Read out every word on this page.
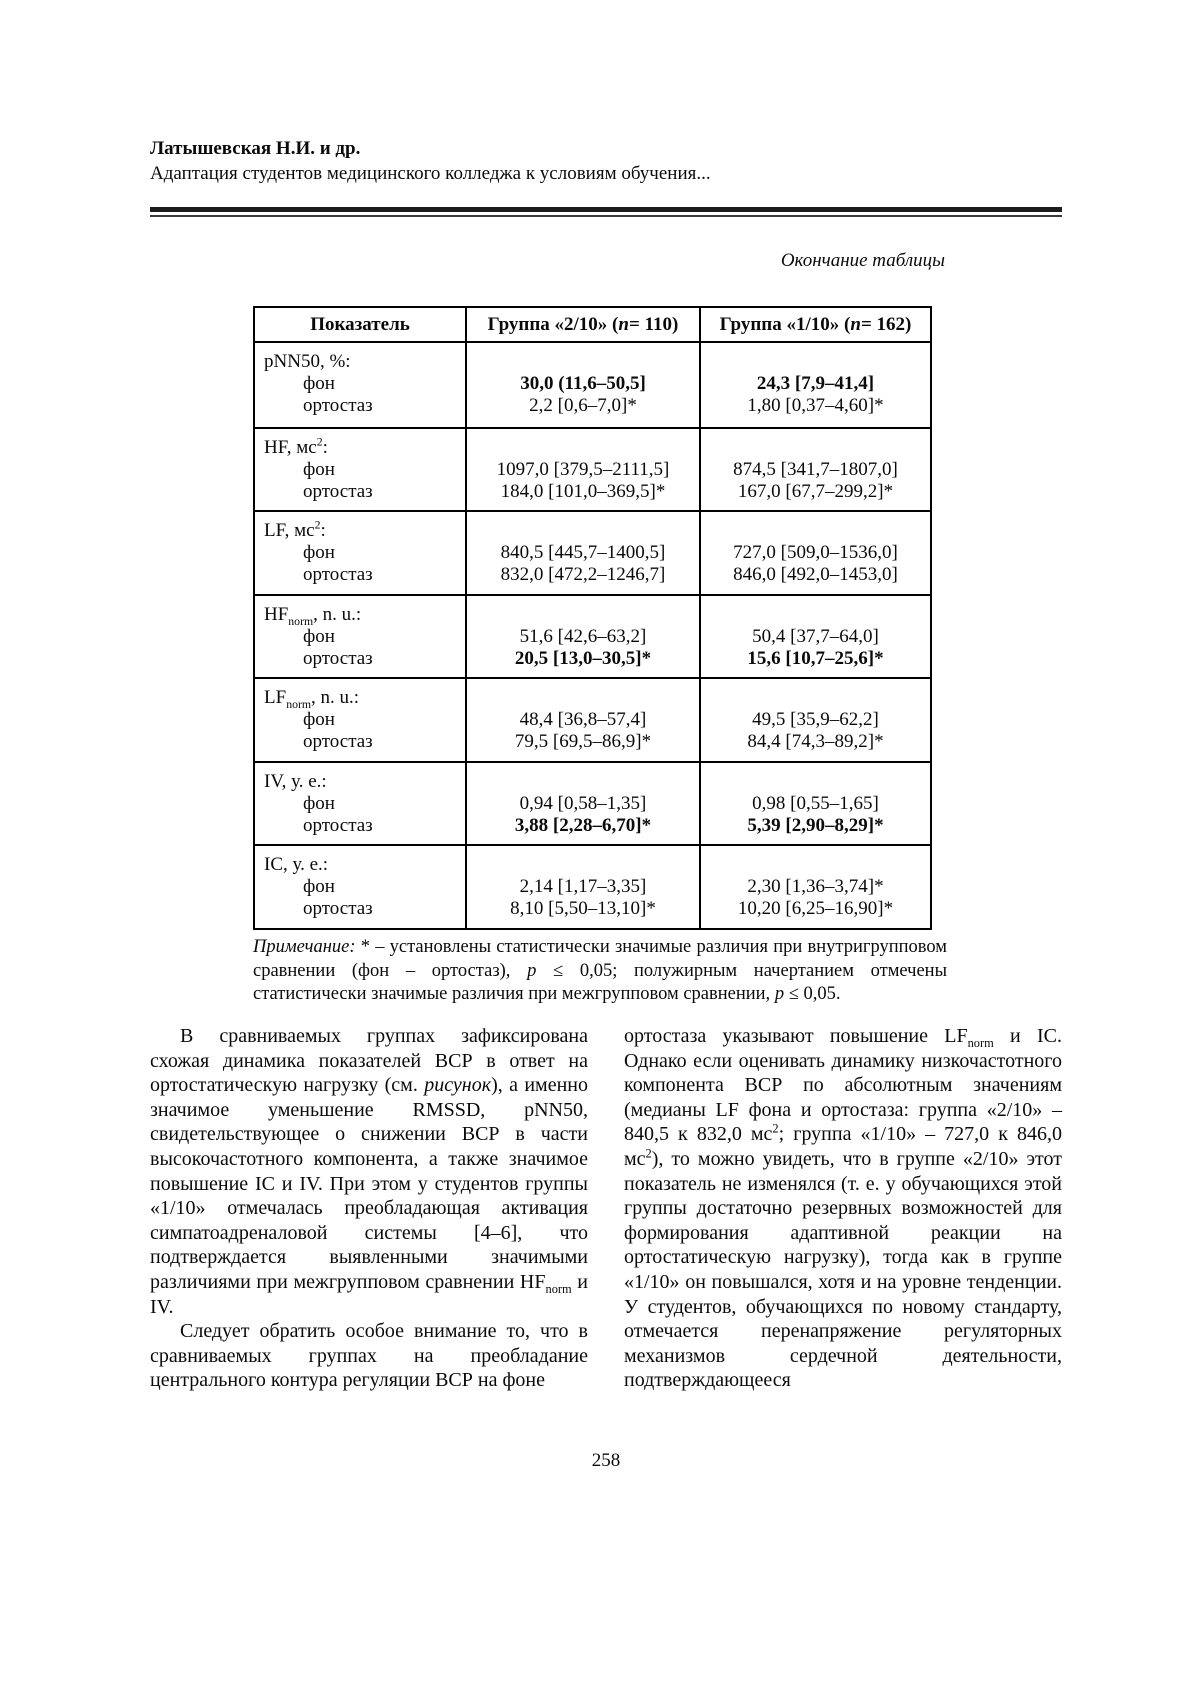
Латышевская Н.И. и др.
Адаптация студентов медицинского колледжа к условиям обучения...
Окончание таблицы
Показатель	Группа «2/10» ( n = 110) Группа «1/10» ( n = 162)
pNN50, %:
фон
ортостаз

30,0 (11,6–50,5]
2,2 [0,6–7,0]*

24,3 [7,9–41,4]
1,80 [0,37–4,60]*
HF, $мс^2$:
фон
ортостаз

1097,0 [379,5–2111,5]
184,0 [101,0–369,5]*

874,5 [341,7–1807,0]
167,0 [67,7–299,2]*
LF, $мс^2$:
фон
ортостаз

840,5 [445,7–1400,5]
832,0 [472,2–1246,7]

727,0 [509,0–1536,0]
846,0 [492,0–1453,0]
$HF_{norm}$, n. u.:
фон
ортостаз

51,6 [42,6–63,2]
20,5 [13,0–30,5]*

50,4 [37,7–64,0]
15,6 [10,7–25,6]*
$LF_{norm}$, n. u.:
фон
ортостаз

48,4 [36,8–57,4]
79,5 [69,5–86,9]*

49,5 [35,9–62,2]
84,4 [74,3–89,2]*
IV, у. е.:
фон
ортостаз

0,94 [0,58–1,35]
3,88 [2,28–6,70]*

0,98 [0,55–1,65]
5,39 [2,90–8,29]*
IC, у. е.:
фон
ортостаз

2,14 [1,17–3,35]
8,10 [5,50–13,10]*

2,30 [1,36–3,74]*
10,20 [6,25–16,90]*
Примечание: * – установлены статистически значимые различия при внутригрупповом сравнении (фон – ортостаз), p ≤ 0,05; полужирным начертанием отмечены статистически значимые различия при межгрупповом сравнении, p ≤ 0,05.

В сравниваемых группах зафиксирована схожая динамика показателей ВСР в ответ на ортостатическую нагрузку (см. рисунок), а именно значимое уменьшение RMSSD, pNN50, свидетельствующее о снижении ВСР в части высокочастотного компонента, а также значимое повышение IC и IV. При этом у студентов группы «1/10» отмечалась преобладающая активация симпатоадреналовой системы [4–6], что подтверждается выявленными значимыми различиями при межгрупповом сравнении $HF_{norm}$ и IV.

Следует обратить особое внимание то, что в сравниваемых группах на преобладание центрального контура регуляции ВСР на фоне

ортостаза указывают повышение $LF_{norm}$ и IC. Однако если оценивать динамику низкочастотного компонента ВСР по абсолютным значениям (медианы LF фона и ортостаза: группа «2/10» – 840,5 к 832,0 $мс^2$; группа «1/10» – 727,0 к 846,0 $мс^2$), то можно увидеть, что в группе «2/10» этот показатель не изменялся (т. е. у обучающихся этой группы достаточно резервных возможностей для формирования адаптивной реакции на ортостатическую нагрузку), тогда как в группе «1/10» он повышался, хотя и на уровне тенденции. У студентов, обучающихся по новому стандарту, отмечается перенапряжение регуляторных механизмов сердечной деятельности, подтверждающееся

258
